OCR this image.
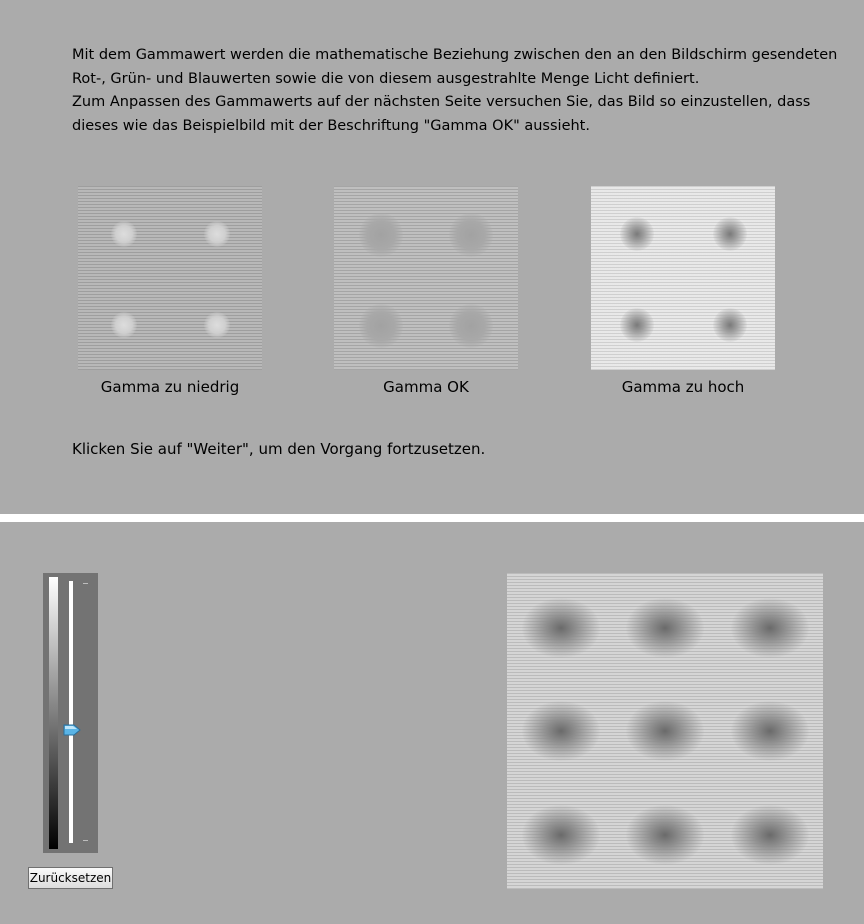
Mit dem Gammawert werden die mathematische Beziehung zwischen den an den Bildschirm gesendeten Rot-, Grün- und Blauwerten sowie die von diesem ausgestrahlte Menge Licht definiert.

Zum Anpassen des Gammawerts auf der nächsten Seite versuchen Sie, das Bild so einzustellen, dass dieses wie das Beispielbild mit der Beschriftung "Gamma OK" aussieht.

Gamma zu niedrig	Gamma OK	Gamma zu hoch
Klicken Sie auf "Weiter", um den Vorgang fortzusetzen.
Zurücksetzen
